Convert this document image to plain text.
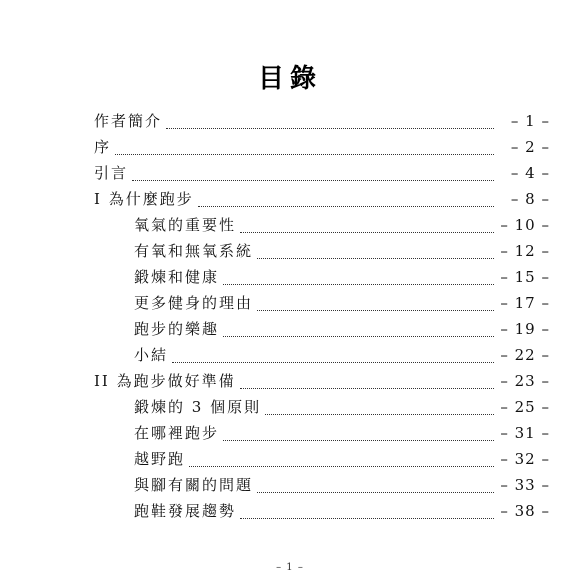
目錄
作者簡介	– 1 –
序	– 2 –
引言	– 4 –
I 為什麼跑步	– 8 –
氧氣的重要性	– 10 –
有氧和無氧系統	– 12 –
鍛煉和健康	– 15 –
更多健身的理由	– 17 –
跑步的樂趣	– 19 –
小結	– 22 –
II 為跑步做好準備	– 23 –
鍛煉的 3 個原則	– 25 –
在哪裡跑步	– 31 –
越野跑	– 32 –
與腳有關的問題	– 33 –
跑鞋發展趨勢	– 38 –
– 1 –
